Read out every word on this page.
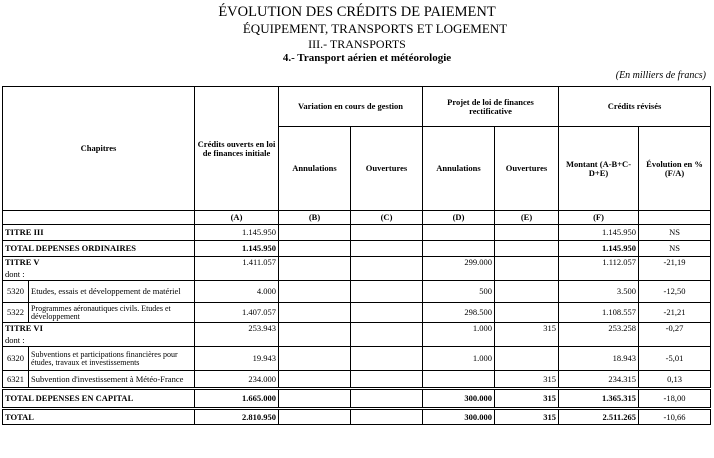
ÉVOLUTION DES CRÉDITS DE PAIEMENT
ÉQUIPEMENT, TRANSPORTS ET LOGEMENT
III.- TRANSPORTS
4.- Transport aérien et météorologie
(En milliers de francs)
Chapitres		Crédits ouverts en loi de finances initiale	Variation en cours de gestion		Projet de loi de finances rectificative		Crédits révisés	
			Annulations	Ouvertures	Annulations	Ouvertures	Montant (A-B+C-D+E)	Évolution en % (F/A)
		(A)	(B)	(C)	(D)	(E)	(F)	
TITRE III		1.145.950					1.145.950	NS
TOTAL DEPENSES ORDINAIRES		1.145.950					1.145.950	NS
TITRE V		1.411.057			299.000		1.112.057	-21,19
dont :								
5320	Etudes, essais et développement de matériel	4.000			500		3.500	-12,50
5322	Programmes aéronautiques civils. Etudes et développement	1.407.057			298.500		1.108.557	-21,21
TITRE VI		253.943			1.000	315	253.258	-0,27
dont :								
6320	Subventions et participations financières pour études, travaux et investissements	19.943			1.000		18.943	-5,01
6321	Subvention d'investissement à Météo-France	234.000				315	234.315	0,13
TOTAL DEPENSES EN CAPITAL		1.665.000			300.000	315	1.365.315	-18,00
TOTAL		2.810.950			300.000	315	2.511.265	-10,66
